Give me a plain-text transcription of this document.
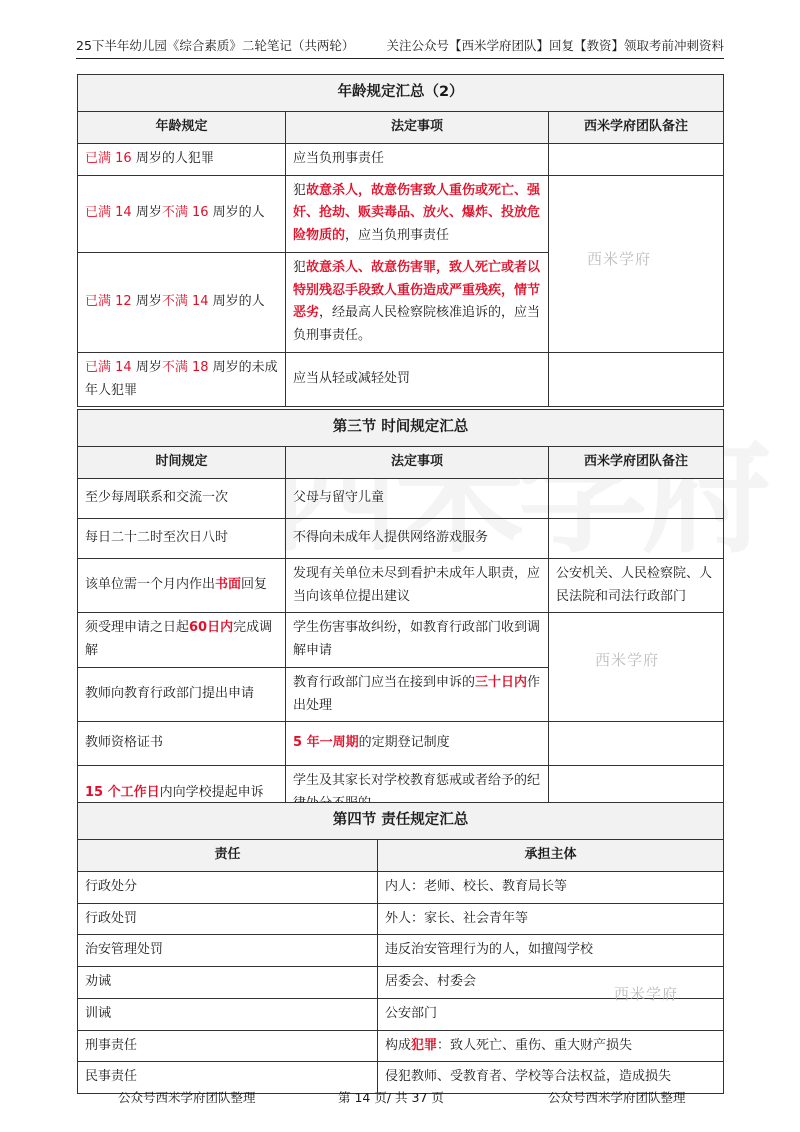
25下半年幼儿园《综合素质》二轮笔记（共两轮）	关注公众号【西米学府团队】回复【教资】领取考前冲刺资料
年龄规定汇总（2）		
年龄规定	法定事项	西米学府团队备注
已满 16 周岁的人犯罪	应当负刑事责任	
已满 14 周岁不满 16 周岁的人	犯故意杀人，故意伤害致人重伤或死亡、强奸、抢劫、贩卖毒品、放火、爆炸、投放危险物质的，应当负刑事责任	西米学府

已满 12 周岁不满 14 周岁的人	犯故意杀人、故意伤害罪，致人死亡或者以特别残忍手段致人重伤造成严重残疾，情节恶劣，经最高人民检察院核准追诉的，应当负刑事责任。	
已满 14 周岁不满 18 周岁的未成年人犯罪	应当从轻或减轻处罚	
第三节 时间规定汇总		
时间规定	法定事项	西米学府团队备注
至少每周联系和交流一次	父母与留守儿童	
每日二十二时至次日八时	不得向未成年人提供网络游戏服务	
该单位需一个月内作出书面回复	发现有关单位未尽到看护未成年人职责，应当向该单位提出建议	公安机关、人民检察院、人民法院和司法行政部门
须受理申请之日起60日内完成调解	学生伤害事故纠纷，如教育行政部门收到调解申请	西米学府

教师向教育行政部门提出申请	教育行政部门应当在接到申诉的三十日内作出处理	
教师资格证书	5 年一周期的定期登记制度	
15 个工作日内向学校提起申诉	学生及其家长对学校教育惩戒或者给予的纪	
第四节 责任规定汇总	
责任	承担主体
行政处分	内人：老师、校长、教育局长等
行政处罚	外人：家长、社会青年等
治安管理处罚	违反治安管理行为的人，如擅闯学校
劝诫	居委会、村委会
西米学府

训诫	公安部门
刑事责任	构成犯罪：致人死亡、重伤、重大财产损失
民事责任	侵犯教师、受教育者、学校等合法权益，造成损失
公众号西米学府团队整理	第 14 页/ 共 37 页	公众号西米学府团队整理
